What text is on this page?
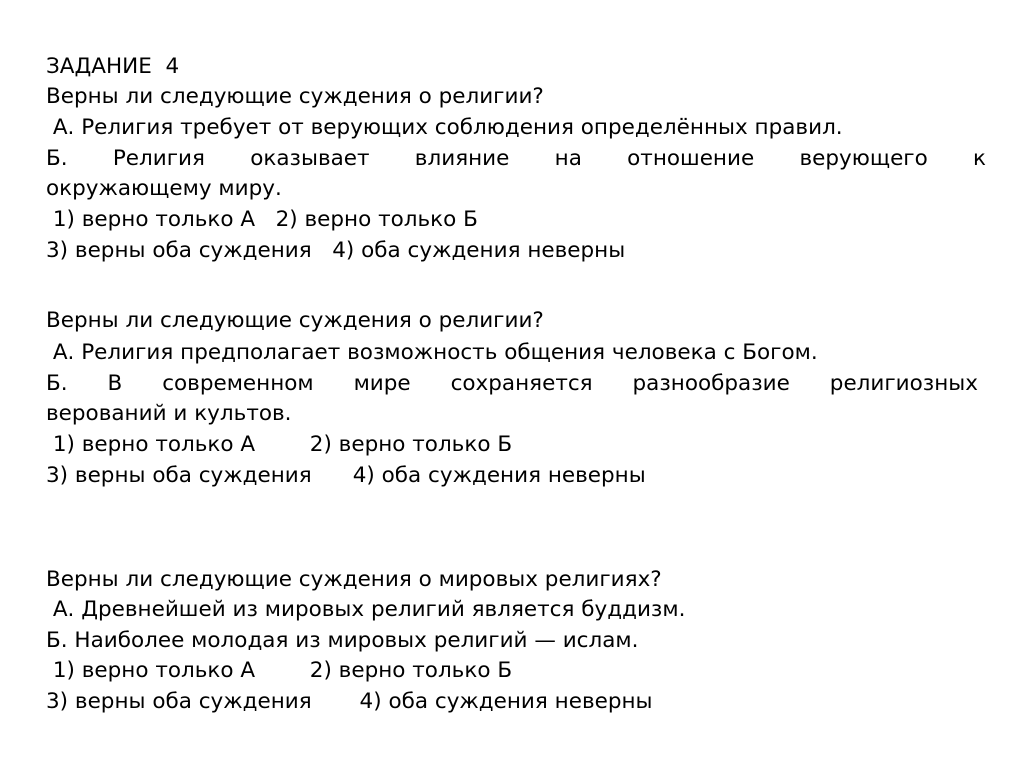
ЗАДАНИЕ  4
Верны ли следующие суждения о религии?
А. Религия требует от верующих соблюдения определённых правил.
Б. Религия оказывает влияние на отношение верующего к
окружающему миру.
1) верно только А   2) верно только Б
3) верны оба суждения   4) оба суждения неверны
Верны ли следующие суждения о религии?
А. Религия предполагает возможность общения человека с Богом.
Б. В современном мире сохраняется разнообразие религиозных
верований и культов.
1) верно только А        2) верно только Б
3) верны оба суждения      4) оба суждения неверны
Верны ли следующие суждения о мировых религиях?
А. Древнейшей из мировых религий является буддизм.
Б. Наиболее молодая из мировых религий — ислам.
1) верно только А        2) верно только Б
3) верны оба суждения       4) оба суждения неверны
